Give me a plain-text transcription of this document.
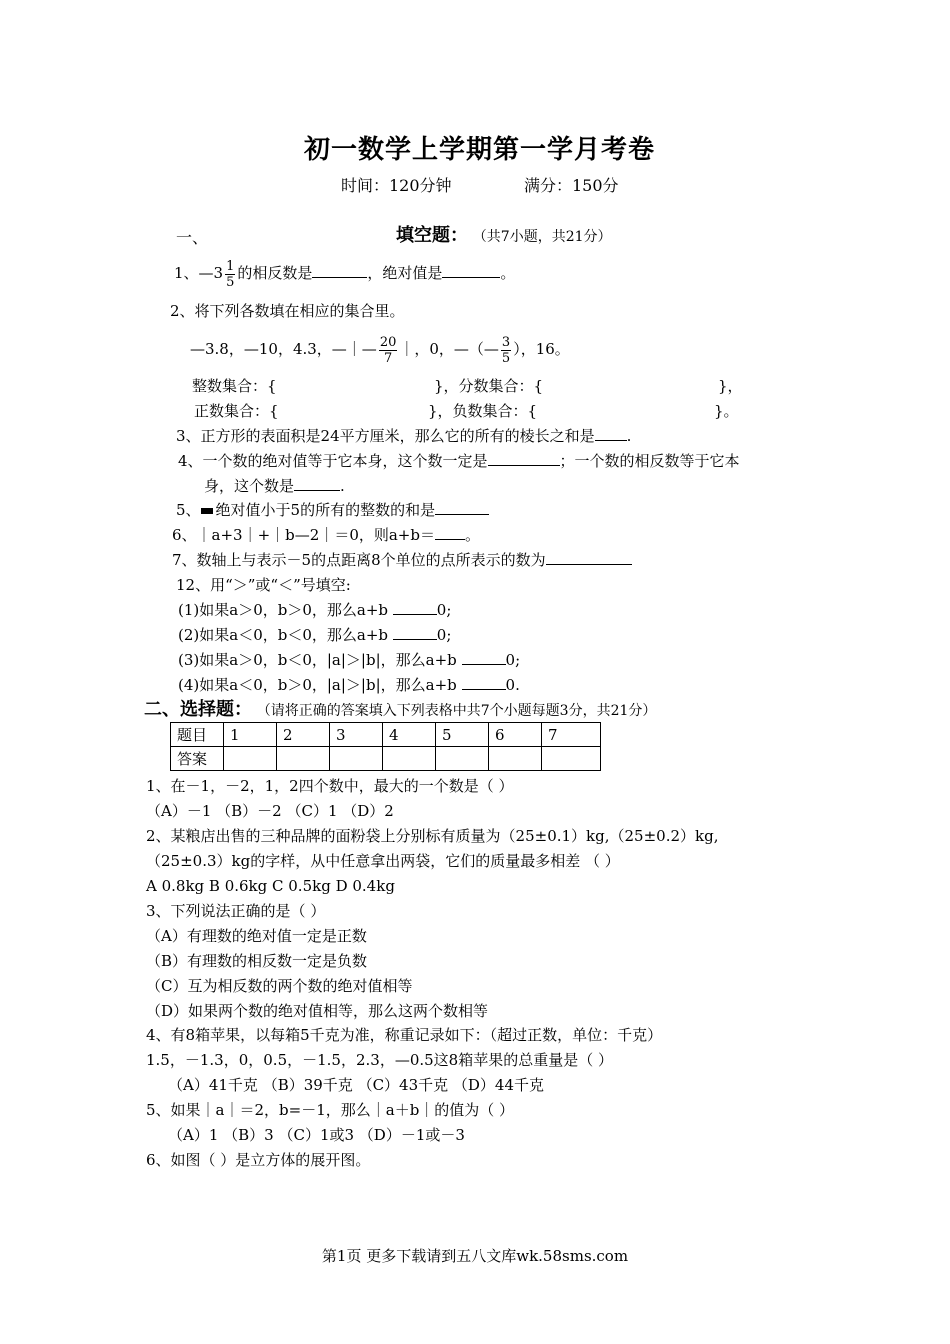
初一数学上学期第一学月考卷
时间：120分钟	满分：150分
一、	填空题： （共7小题，共21分）
1、—3 $\frac{1}{5}$ 的相反数是	，绝对值是	。
2、将下列各数填在相应的集合里。
—3.8，—10，4.3，—｜— $\frac{20}{7}$ ｜，0，—（— $\frac{3}{5}$ ），16。
整数集合：{	}，分数集合：{	}，
正数集合：{	}，负数集合：{	}。
3、正方形的表面积是24平方厘米，那么它的所有的棱长之和是 .
4、一个数的绝对值等于它本身，这个数一定是	；一个数的相反数等于它本
身，这个数是	.
5、 绝对值小于5的所有的整数的和是
6、｜a+3｜+｜b—2｜＝0，则a+b＝ 。
7、数轴上与表示－5的点距离8个单位的点所表示的数为
12、用“＞”或“＜”号填空:
(1)如果a＞0，b＞0，那么a+b	0;
(2)如果a＜0，b＜0，那么a+b	0;
(3)如果a＞0，b＜0，|a|＞|b|，那么a+b	0;
(4)如果a＜0，b＞0，|a|＞|b|，那么a+b	0.
二、选择题： （请将正确的答案填入下列表格中共7个小题每题3分，共21分）
题目	1	2	3	4	5	6	7
答案							
1、在－1，－2，1，2四个数中，最大的一个数是（ ）
（A）－1 （B）－2 （C）1 （D）2
2、某粮店出售的三种品牌的面粉袋上分别标有质量为（25±0.1）kg,（25±0.2）kg,
（25±0.3）kg的字样，从中任意拿出两袋，它们的质量最多相差 （ ）
A 0.8kg B 0.6kg C 0.5kg D 0.4kg
3、下列说法正确的是（ ）
（A）有理数的绝对值一定是正数
（B）有理数的相反数一定是负数
（C）互为相反数的两个数的绝对值相等
（D）如果两个数的绝对值相等，那么这两个数相等
4、有8箱苹果，以每箱5千克为准，称重记录如下：（超过正数，单位：千克）
1.5，－1.3，0，0.5，－1.5，2.3，—0.5这8箱苹果的总重量是（ ）
（A）41千克 （B）39千克 （C）43千克 （D）44千克
5、如果｜a｜＝2，b=－1，那么｜a＋b｜的值为（ ）
（A）1 （B）3 （C）1或3 （D）－1或－3
6、如图（ ）是立方体的展开图。
第1页 更多下载请到五八文库wk.58sms.com
